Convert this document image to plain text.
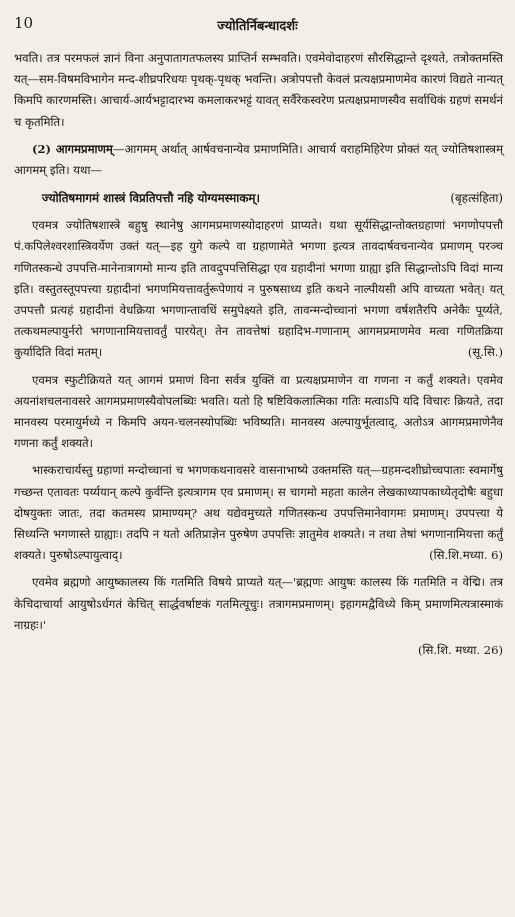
10	ज्योतिर्निबन्धादर्शः

भवति। तत्र परमफलं ज्ञानं विना अनुपातागतफलस्य प्राप्तिर्न सम्भवति। एवमेवोदाहरणं सौरसिद्धान्ते दृश्यते, तत्रोक्तमस्ति यत्—सम-विषमविभागेन मन्द-शीघ्रपरिधयः पृथक्-पृथक् भवन्ति। अत्रोपपत्तौ केवलं प्रत्यक्षप्रमाणमेव कारणं विद्यते नान्यत् किमपि कारणमस्ति। आचार्य-आर्यभट्टादारभ्य कमलाकरभट्टं यावत् सर्वैरेकस्वरेण प्रत्यक्षप्रमाणस्यैव सर्वाधिकं ग्रहणं समर्थनं च कृतमिति।

(2) आगमप्रमाणम्—आगमम् अर्थात् आर्षवचनान्येव प्रमाणमिति। आचार्य वराहमिहिरेण प्रोक्तं यत् ज्योतिषशास्त्रम् आगमम् इति। यथा—

ज्योतिषमागमं शास्त्रं विप्रतिपत्तौ नहि योग्यमस्माकम्।	(बृहत्संहिता)

एवमत्र ज्योतिषशास्त्रे बहुषु स्थानेषु आगमप्रमाणस्योदाहरणं प्राप्यते। यथा सूर्यसिद्धान्तोक्तग्रहाणां भगणोपपत्तौ पं.कपिलेश्वरशास्त्रिवर्येण उक्तं यत्—इह युगे कल्पे वा ग्रहाणामेते भगणा इत्यत्र तावदार्षवचनान्येव प्रमाणम् परञ्च गणितस्कन्धे उपपत्ति-मानेनात्रागमो मान्य इति तावदुपपत्तिसिद्धा एव ग्रहादीनां भगणा ग्राह्या इति सिद्धान्तोऽपि विदां मान्य इति। वस्तुतस्तूपपत्त्या ग्रहादीनां भगणमियत्तावर्तुरूपेणायं न पुरुषसाध्य इति कथने नाल्पीयसी अपि वाच्यता भवेत्। यत् उपपत्तौ प्रत्यहं ग्रहादीनां वेधक्रिया भगणान्तावधिं समुपेक्ष्यते इति, तावन्मन्दोच्चानां भगणा वर्षशतैरपि अनेकैः पूर्य्यते, तत्कथमल्पायुर्नरो भगणानामियत्तावर्तुं पारयेत्। तेन तावत्तेषां ग्रहादिभ-गणानाम् आगमप्रमाणमेव मत्वा गणितक्रिया कुर्यादिति विदां मतम्।	(सू.सि.)

एवमत्र स्फुटीक्रियते यत् आगमं प्रमाणं विना सर्वत्र युक्तिं वा प्रत्यक्षप्रमाणेन वा गणना न कर्तुं शक्यते। एवमेव अयनांशचलनावसरे आगमप्रमाणस्यैवोपलब्धिः भवति। यतो हि षष्टिविकलात्मिका गतिः मत्वाऽपि यदि विचारः क्रियते, तदा मानवस्य परमायुर्मध्ये न किमपि अयन-चलनस्योपब्धिः भविष्यति। मानवस्य अल्पायुर्भूतत्वाद्, अतोऽत्र आगमप्रमाणेनैव गणना कर्तुं शक्यते।

भास्कराचार्यस्तु ग्रहाणां मन्दोच्चानां च भगणकथनावसरे वासनाभाष्ये उक्तमस्ति यत्—ग्रहमन्दशीघ्रोच्चपाताः स्वमार्गेषु गच्छन्त एतावतः पर्य्ययान् कल्पे कुर्वन्ति इत्यत्रागम एव प्रमाणम्। स चागमो महता कालेन लेखकाध्यापकाध्येतृदोषैः बहुधा दोषयुक्तः जातः, तदा कतमस्य प्रामाण्यम्? अथ यद्येवमुच्यते गणितस्कन्ध उपपत्तिमानेवागमः प्रमाणम्। उपपत्त्या ये सिध्यन्ति भगणास्ते ग्राह्याः। तदपि न यतो अतिप्राज्ञेन पुरुषेण उपपत्तिः ज्ञातुमेव शक्यते। न तथा तेषां भगणानामियत्ता कर्तुं शक्यते। पुरुषोऽल्पायुत्वाद्।	(सि.शि.मध्या. 6)

एवमेव ब्रह्मणो आयुष्कालस्य किं गतमिति विषये प्राप्यते यत्—'ब्रह्मणः आयुषः कालस्य किं गतमिति न वेद्मि। तत्र केचिदाचार्या आयुषोऽर्धगतं केचित् सार्द्धवर्षाष्टकं गतमित्यूचुः। तत्रागमप्रमाणम्। इहागमद्वैविध्ये किम् प्रमाणमित्यत्रास्माकं नाग्रहः।'

(सि.शि. मध्या. 26)
